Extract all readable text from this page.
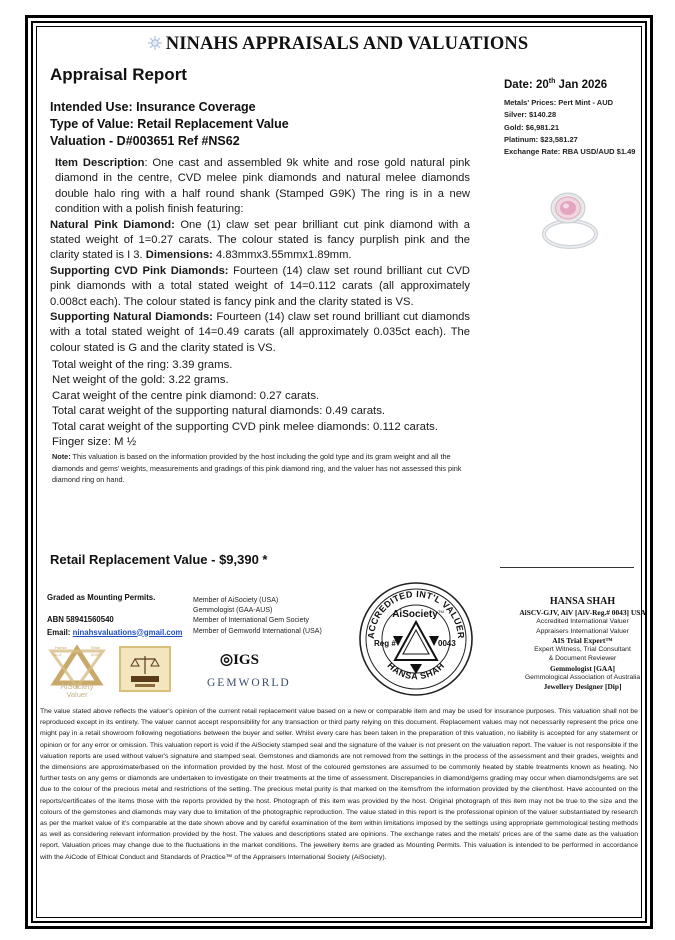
NINAHS APPRAISALS AND VALUATIONS
Appraisal Report
Date: 20th Jan 2026
Metals' Prices: Pert Mint - AUD
Silver: $140.28
Gold: $6,981.21
Platinum: $23,581.27
Exchange Rate: RBA USD/AUD $1.49
Intended Use: Insurance Coverage
Type of Value: Retail Replacement Value
Valuation - D#003651 Ref #NS62

Item Description: One cast and assembled 9k white and rose gold natural pink diamond in the centre, CVD melee pink diamonds and natural melee diamonds double halo ring with a half round shank (Stamped G9K) The ring is in a new condition with a polish finish featuring:

Natural Pink Diamond: One (1) claw set pear brilliant cut pink diamond with a stated weight of 1=0.27 carats. The colour stated is fancy purplish pink and the clarity stated is I 3. Dimensions: 4.83mmx3.55mmx1.89mm.

Supporting CVD Pink Diamonds: Fourteen (14) claw set round brilliant cut CVD pink diamonds with a total stated weight of 14=0.112 carats (all approximately 0.008ct each). The colour stated is fancy pink and the clarity stated is VS.

Supporting Natural Diamonds: Fourteen (14) claw set round brilliant cut diamonds with a total stated weight of 14=0.49 carats (all approximately 0.035ct each). The colour stated is G and the clarity stated is VS.

Total weight of the ring: 3.39 grams.
Net weight of the gold: 3.22 grams.
Carat weight of the centre pink diamond: 0.27 carats.
Total carat weight of the supporting natural diamonds: 0.49 carats.
Total carat weight of the supporting CVD pink melee diamonds: 0.112 carats.
Finger size: M ½
Note: This valuation is based on the information provided by the host including the gold type and its gram weight and all the diamonds and gems' weights, measurements and gradings of this pink diamond ring, and the valuer has not assessed this pink diamond ring on hand.
Retail Replacement Value - $9,390 *
Graded as Mounting Permits.
ABN 58941560540
Email: ninahsvaluations@gmail.com
Member of AiSociety (USA)
Gemmologist (GAA-AUS)
Member of International Gem Society
Member of Gemworld International (USA)
Hansa	Shah
Lic.#	0043
AiSociety
Valuer
◎IGS
GEMWORLD
ACCREDITED INT'L VALUER
HANSA SHAH
AiSociety TM
Reg #	0043
HANSA SHAH
AiSCV-GJV, AiV [AiV-Reg.# 0043] USA
Accredited International Valuer
Appraisers International Valuer
AIS Trial Expert™
Expert Witness, Trial Consultant
& Document Reviewer
Gemmologist [GAA]
Gemmological Association of Australia
Jewellery Designer [Dip]
The value stated above reflects the valuer's opinion of the current retail replacement value based on a new or comparable item and may be used for insurance purposes. This valuation shall not be reproduced except in its entirety. The valuer cannot accept responsibility for any transaction or third party relying on this document. Replacement values may not necessarily represent the price one might pay in a retail showroom following negotiations between the buyer and seller. Whilst every care has been taken in the preparation of this valuation, no liability is accepted for any statement or opinion or for any error or omission. This valuation report is void if the AiSociety stamped seal and the signature of the valuer is not present on the valuation report. The valuer is not responsible if the valuation reports are used without valuer's signature and stamped seal. Gemstones and diamonds are not removed from the settings in the process of the assessment and their grades, weights and the dimensions are approximate/based on the information provided by the host. Most of the coloured gemstones are assumed to be commonly heated by stable treatments known as heating. No further tests on any gems or diamonds are undertaken to investigate on their treatments at the time of assessment. Discrepancies in diamond/gems grading may occur when diamonds/gems are set due to the colour of the precious metal and restrictions of the setting. The precious metal purity is that marked on the items/from the information provided by the client/host. Have accounted on the reports/certificates of the items those with the reports provided by the host. Photograph of this item was provided by the host. Original photograph of this item may not be true to the size and the colours of the gemstones and diamonds may vary due to limitation of the photographic reproduction. The value stated in this report is the professional opinion of the valuer substantiated by research as per the market value of it's comparable at the date shown above and by careful examination of the item within limitations imposed by the settings using appropriate gemmological testing methods as well as considering relevant information provided by the host. The values and descriptions stated are opinions. The exchange rates and the metals' prices are of the same date as the valuation report. Valuation prices may change due to the fluctuations in the market conditions. The jewellery items are graded as Mounting Permits. This valuation is intended to be performed in accordance with the AiCode of Ethical Conduct and Standards of Practice™ of the Appraisers International Society (AiSociety).
